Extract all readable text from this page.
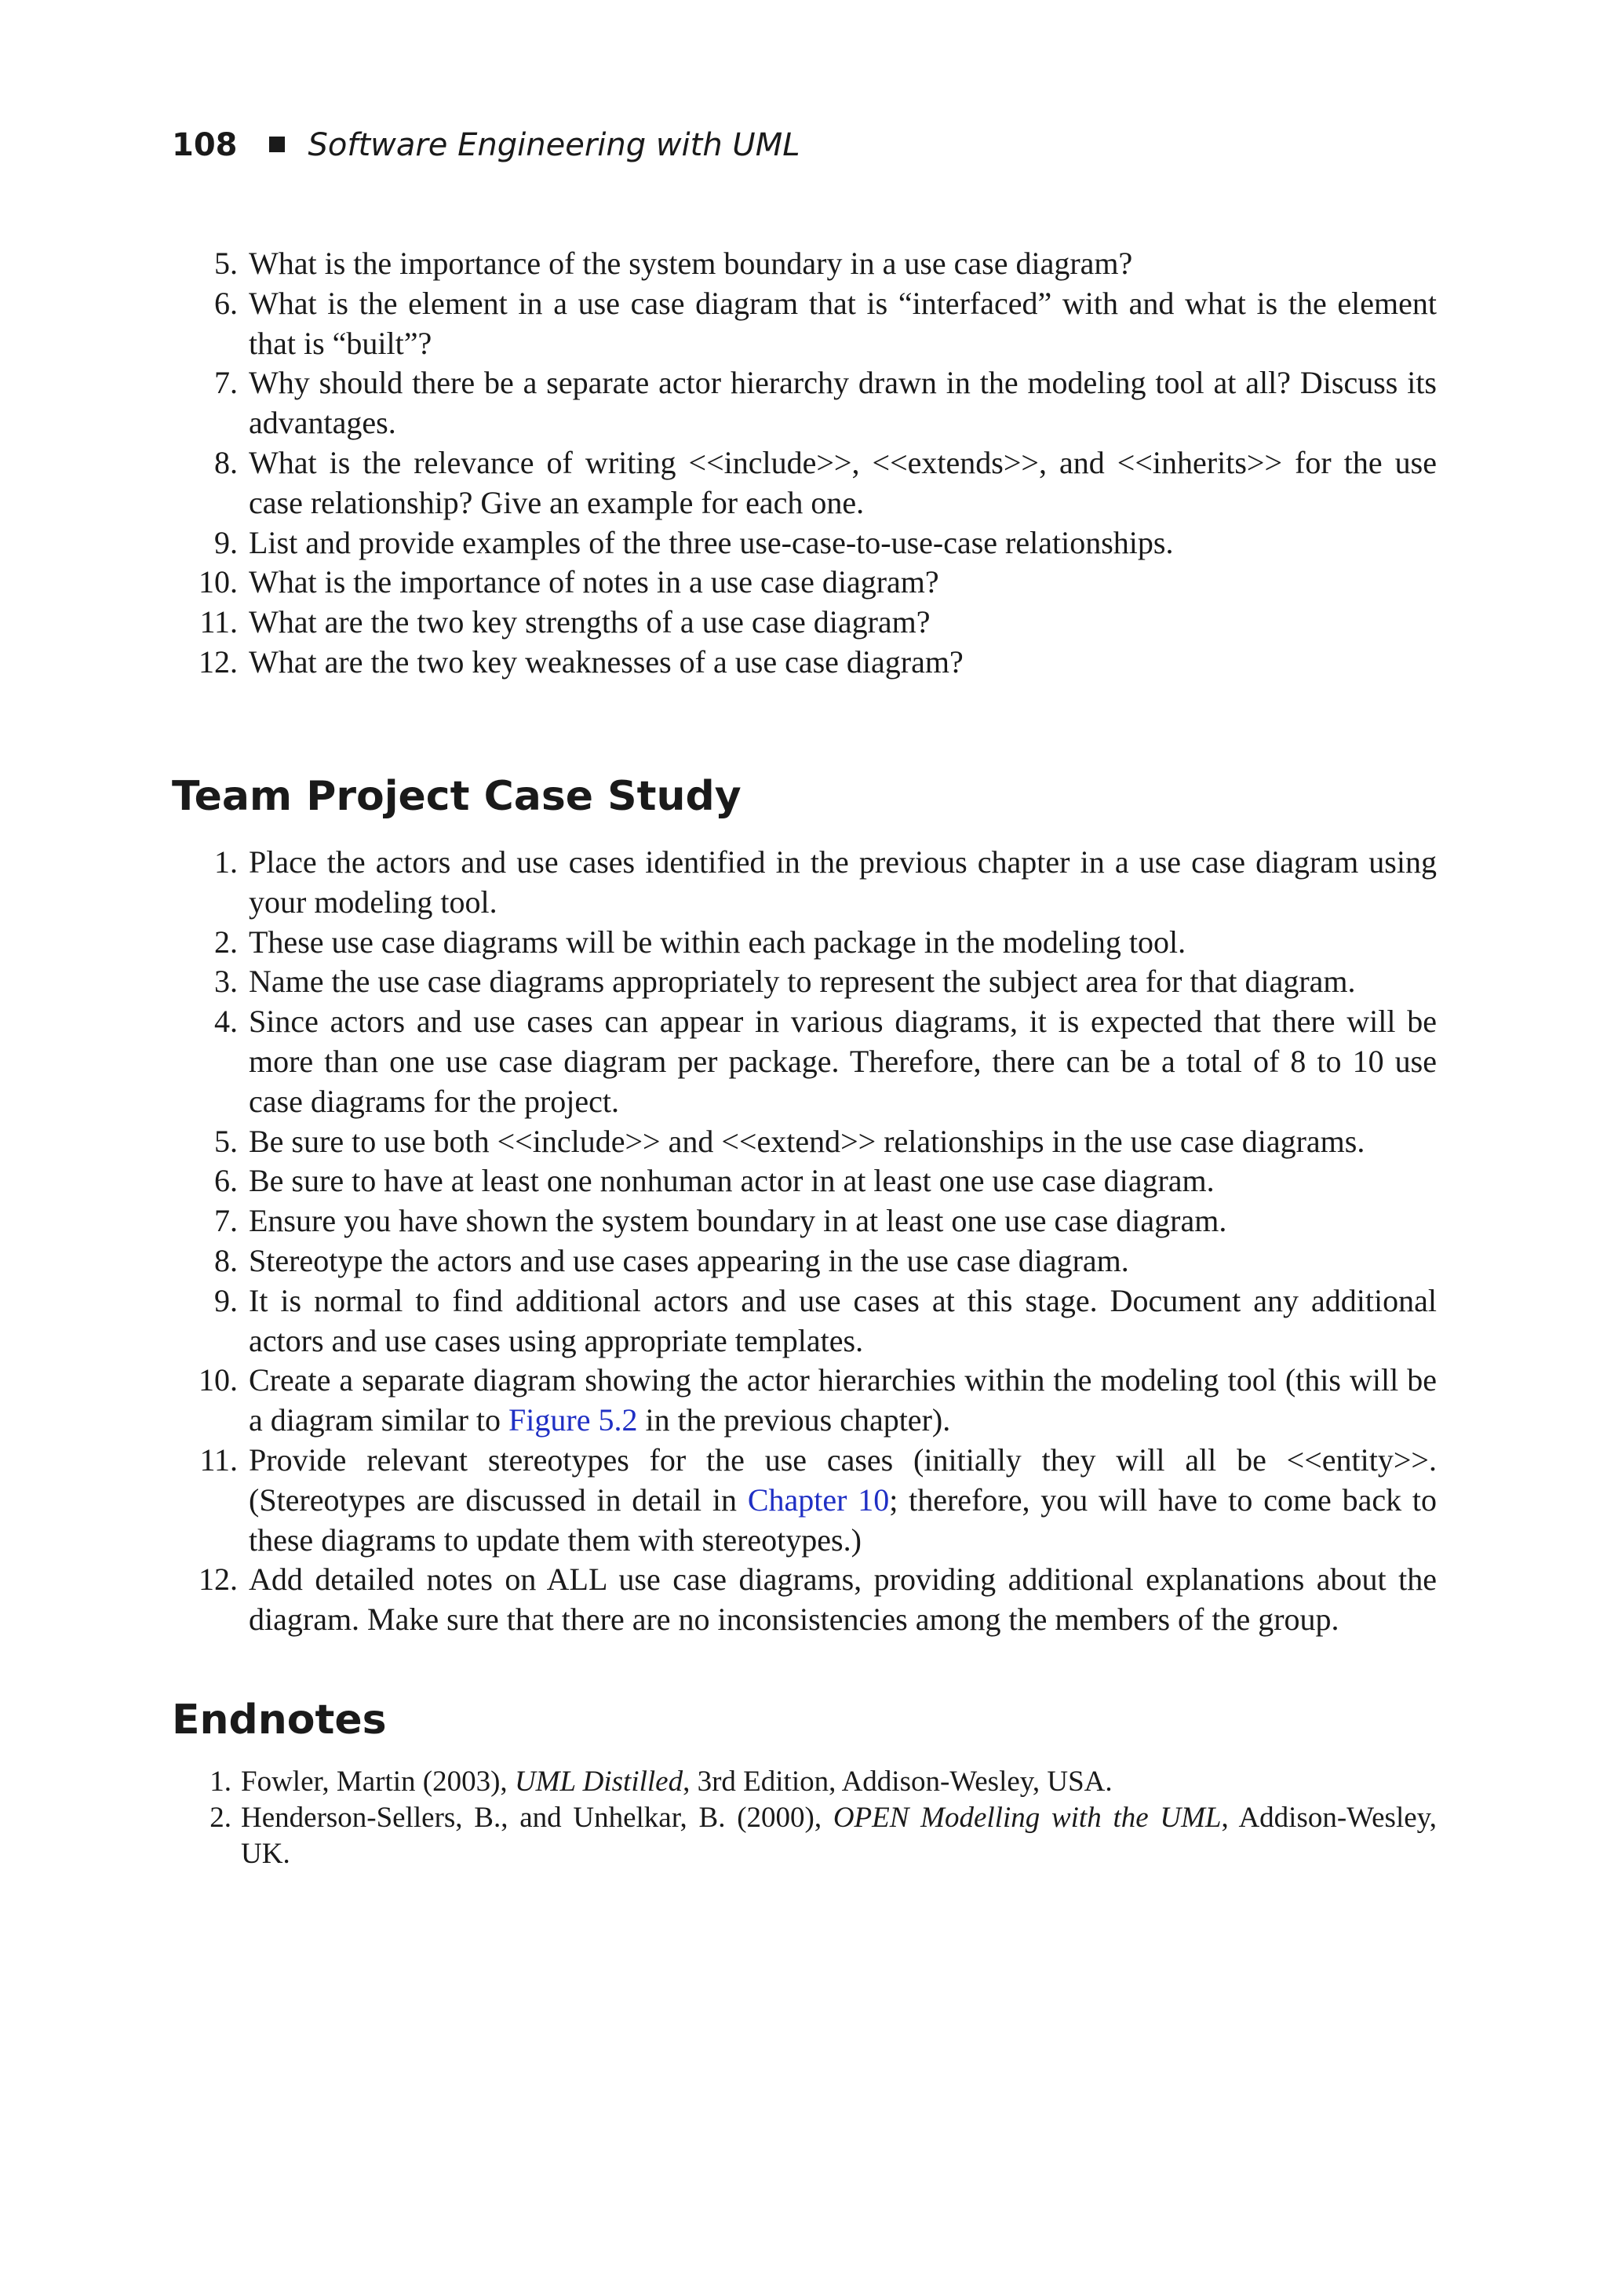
108 Software Engineering with UML
5. What is the importance of the system boundary in a use case diagram?
6. What is the element in a use case diagram that is “interfaced” with and what is the element that is “built”?
7. Why should there be a separate actor hierarchy drawn in the modeling tool at all? Discuss its advantages.
8. What is the relevance of writing <<include>>, <<extends>>, and <<inherits>> for the use case relationship? Give an example for each one.
9. List and provide examples of the three use-case-to-use-case relationships.
10. What is the importance of notes in a use case diagram?
11. What are the two key strengths of a use case diagram?
12. What are the two key weaknesses of a use case diagram?
Team Project Case Study
1. Place the actors and use cases identified in the previous chapter in a use case diagram using your modeling tool.
2. These use case diagrams will be within each package in the modeling tool.
3. Name the use case diagrams appropriately to represent the subject area for that diagram.
4. Since actors and use cases can appear in various diagrams, it is expected that there will be more than one use case diagram per package. Therefore, there can be a total of 8 to 10 use case diagrams for the project.
5. Be sure to use both <<include>> and <<extend>> relationships in the use case diagrams.
6. Be sure to have at least one nonhuman actor in at least one use case diagram.
7. Ensure you have shown the system boundary in at least one use case diagram.
8. Stereotype the actors and use cases appearing in the use case diagram.
9. It is normal to find additional actors and use cases at this stage. Document any additional actors and use cases using appropriate templates.
10. Create a separate diagram showing the actor hierarchies within the modeling tool (this will be a diagram similar to Figure 5.2 in the previous chapter).
11. Provide relevant stereotypes for the use cases (initially they will all be <<entity>>. (Stereotypes are discussed in detail in Chapter 10; therefore, you will have to come back to these diagrams to update them with stereotypes.)
12. Add detailed notes on ALL use case diagrams, providing additional explanations about the diagram. Make sure that there are no inconsistencies among the members of the group.
Endnotes
1. Fowler, Martin (2003), UML Distilled, 3rd Edition, Addison-Wesley, USA.
2. Henderson-Sellers, B., and Unhelkar, B. (2000), OPEN Modelling with the UML, Addison-Wesley, UK.
